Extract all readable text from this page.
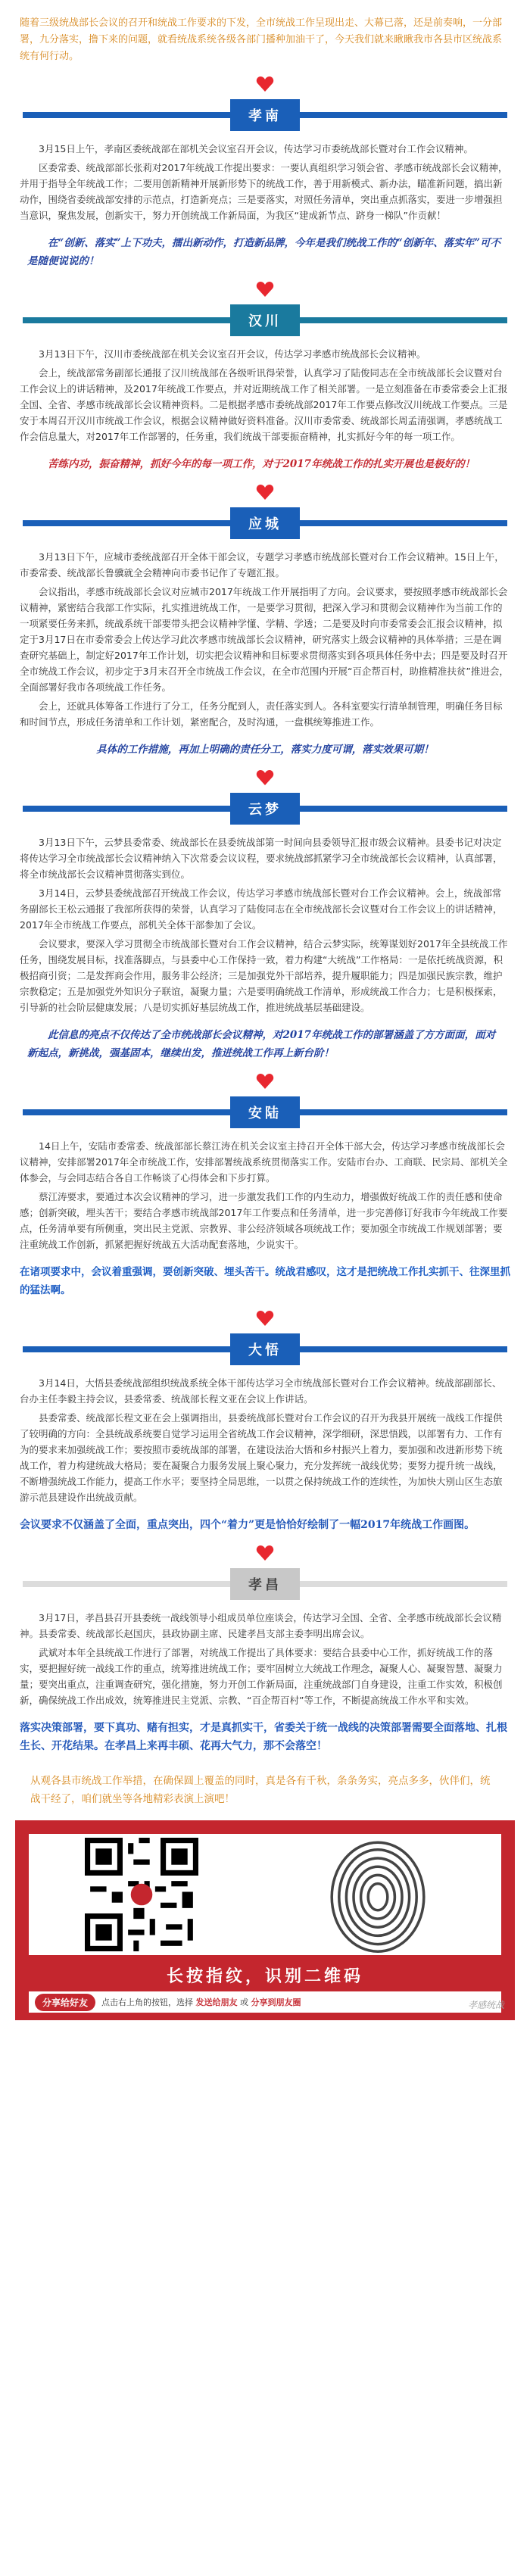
随着三级统战部长会议的召开和统战工作要求的下发，全市统战工作呈现出走、大幕已落，还是前奏响，一分部署，九分落实，撸下来的问题，就看统战系统各级各部门播种加油干了，今天我们就来瞅瞅我市各县市区统战系统有何行动。

孝南

3月15日上午，孝南区委统战部在部机关会议室召开会议，传达学习市委统战部长暨对台工作会议精神。

区委常委、统战部部长张莉对2017年统战工作提出要求：一要认真组织学习领会省、孝感市统战部长会议精神，并用于指导全年统战工作；二要用创新精神开展新形势下的统战工作，善于用新模式、新办法，瞄准新问题，搞出新动作，围绕省委统战部安排的示范点，打造新亮点；三是要落实，对照任务清单，突出重点抓落实，要进一步增强担当意识，聚焦发展，创新实干，努力开创统战工作新局面，为我区“建成新节点、跻身一梯队”作贡献！

在“创新、落实”上下功夫，擂出新动作，打造新品牌，今年是我们统战工作的“创新年、落实年”可不是随便说说的！

汉川

3月13日下午，汉川市委统战部在机关会议室召开会议，传达学习孝感市统战部长会议精神。

会上，统战部常务副部长通报了汉川统战部在各级听讯得荣誉，认真学习了陆俊同志在全市统战部长会议暨对台工作会议上的讲话精神，及2017年统战工作要点，并对近期统战工作了相关部署。一是立刻准备在市委常委会上汇报全国、全省、孝感市统战部长会议精神资料。二是根据孝感市委统战部2017年工作要点修改汉川统战工作要点。三是安于本周召开汉川市统战工作会议，根据会议精神做好资料准备。汉川市委常委、统战部长周孟清强调，孝感统战工作会信息量大，对2017年工作部署的，任务重，我们统战干部要振奋精神，扎实抓好今年的每一项工作。

苦练内功，振奋精神，抓好今年的每一项工作，对于2017年统战工作的扎实开展也是极好的！

应城

3月13日下午，应城市委统战部召开全体干部会议，专题学习孝感市统战部长暨对台工作会议精神。15日上午，市委常委、统战部长鲁骥就全会精神向市委书记作了专题汇报。

会议指出，孝感市统战部长会议对应城市2017年统战工作开展指明了方向。会议要求，要按照孝感市统战部长会议精神，紧密结合我部工作实际，扎实推进统战工作，一是要学习贯彻，把深入学习和贯彻会议精神作为当前工作的一项紧要任务来抓，统战系统干部要带头把会议精神学懂、学精、学透；二是要及时向市委常委会汇报会议精神，拟定于3月17日在市委常委会上传达学习此次孝感市统战部长会议精神，研究落实上级会议精神的具体举措；三是在调查研究基础上，制定好2017年工作计划，切实把会议精神和目标要求贯彻落实到各项具体任务中去；四是要及时召开全市统战工作会议，初步定于3月末召开全市统战工作会议，在全市范围内开展“百企帮百村，助推精准扶贫”推进会，全面部署好我市各项统战工作任务。

会上，还就具体筹备工作进行了分工，任务分配到人，责任落实到人。各科室要实行清单制管理，明确任务目标和时间节点，形成任务清单和工作计划，紧密配合，及时沟通，一盘棋统筹推进工作。

具体的工作措施，再加上明确的责任分工，落实力度可谓，落实效果可期！

云梦

3月13日下午，云梦县委常委、统战部长在县委统战部第一时间向县委领导汇报市级会议精神。县委书记对决定将传达学习全市统战部长会议精神纳入下次常委会议议程，要求统战部抓紧学习全市统战部长会议精神，认真部署，将全市统战部长会议精神贯彻落实到位。

3月14日，云梦县委统战部召开统战工作会议，传达学习孝感市统战部长暨对台工作会议精神。会上，统战部常务副部长王松云通报了我部所获得的荣誉，认真学习了陆俊同志在全市统战部长会议暨对台工作会议上的讲话精神，2017年全市统战工作要点，部机关全体干部参加了会议。

会议要求，要深入学习贯彻全市统战部长暨对台工作会议精神，结合云梦实际，统筹谋划好2017年全县统战工作任务，围绕发展目标，找准落脚点，与县委中心工作保持一致，着力构建“大统战”工作格局：一是依托统战资源，积极招商引资；二是发挥商会作用，服务非公经济；三是加强党外干部培养，提升履职能力；四是加强民族宗教，维护宗教稳定；五是加强党外知识分子联谊，凝聚力量；六是要明确统战工作清单，形成统战工作合力；七是积极探索，引导新的社会阶层健康发展；八是切实抓好基层统战工作，推进统战基层基础建设。

此信息的亮点不仅传达了全市统战部长会议精神，对2017年统战工作的部署涵盖了方方面面，面对新起点，新挑战，强基固本，继续出发，推进统战工作再上新台阶！

安陆

14日上午，安陆市委常委、统战部部长蔡江涛在机关会议室主持召开全体干部大会，传达学习孝感市统战部长会议精神，安排部署2017年全市统战工作，安排部署统战系统贯彻落实工作。安陆市台办、工商联、民宗局、部机关全体参会，与会同志结合各自工作畅谈了心得体会和下步打算。

蔡江涛要求，要通过本次会议精神的学习，进一步激发我们工作的内生动力，增强做好统战工作的责任感和使命感；创新突破，埋头苦干；要结合孝感市统战部2017年工作要点和任务清单，进一步完善修订好我市今年统战工作要点，任务清单要有所侧重，突出民主党派、宗教界、非公经济领域各项统战工作；要加强全市统战工作规划部署；要注重统战工作创新，抓紧把握好统战五大活动配套落地，少说实干。

在诸项要求中，会议着重强调，要创新突破、埋头苦干。统战君感叹，这才是把统战工作扎实抓干、往深里抓的猛法啊。

大悟

3月14日，大悟县委统战部组织统战系统全体干部传达学习全市统战部长暨对台工作会议精神。统战部副部长、台办主任李毅主持会议，县委常委、统战部长程文亚在会议上作讲话。

县委常委、统战部长程文亚在会上强调指出，县委统战部长暨对台工作会议的召开为我县开展统一战线工作提供了较明确的方向：全县统战系统要自觉学习运用全省统战工作会议精神，深学细研，深思悟践，以部署有力、工作有为的要求来加强统战工作；要按照市委统战部的部署，在建设法治大悟和乡村振兴上着力，要加强和改进新形势下统战工作，着力构建统战大格局；要在凝聚合力服务发展上聚心聚力，充分发挥统一战线优势；要努力提升统一战线，不断增强统战工作能力，提高工作水平；要坚持全局思维，一以贯之保持统战工作的连续性，为加快大别山区生态旅游示范县建设作出统战贡献。

会议要求不仅涵盖了全面，重点突出，四个“着力”更是恰恰好绘制了一幅2017年统战工作画图。

孝昌

3月17日，孝昌县召开县委统一战线领导小组成员单位座谈会，传达学习全国、全省、全孝感市统战部长会议精神。县委常委、统战部长赵国庆，县政协副主席、民建孝昌支部主委李明出席会议。

武斌对本年全县统战工作进行了部署，对统战工作提出了具体要求：要结合县委中心工作，抓好统战工作的落实，要把握好统一战线工作的重点，统筹推进统战工作；要牢固树立大统战工作理念，凝聚人心、凝聚智慧、凝聚力量；要突出重点，注重调查研究，强化措施，努力开创工作新局面，注重统战部门自身建设，注重工作实效，积极创新，确保统战工作出成效，统筹推进民主党派、宗教、“百企帮百村”等工作，不断提高统战工作水平和实效。

落实决策部署，要下真功、赌有担实，才是真抓实干，省委关于统一战线的决策部署需要全面落地、扎根生长、开花结果。在孝昌上来再丰硕、花再大气力，那不会落空！

从观各县市统战工作举措，在确保圆上覆盖的同时，真是各有千秋，条条务实，亮点多多，伙伴们，统战干经了，咱们就坐等各地精彩表演上演吧！

长按指纹，识别二维码
分享给好友	点击右上角的按钮，选择 发送给朋友 或 分享到朋友圈	孝感统战
